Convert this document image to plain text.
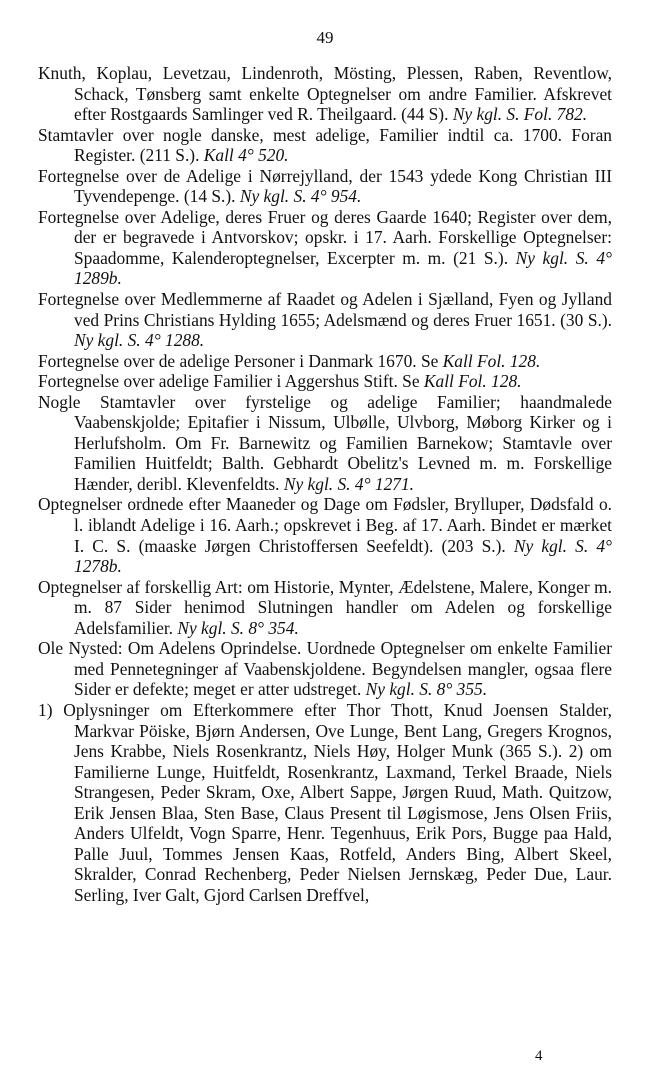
49

Knuth, Koplau, Levetzau, Lindenroth, Mösting, Plessen, Raben, Reventlow, Schack, Tønsberg samt enkelte Optegnelser om andre Familier. Afskrevet efter Rostgaards Samlinger ved R. Theilgaard. (44 S). Ny kgl. S. Fol. 782.

Stamtavler over nogle danske, mest adelige, Familier indtil ca. 1700. Foran Register. (211 S.). Kall 4° 520.

Fortegnelse over de Adelige i Nørrejylland, der 1543 ydede Kong Christian III Tyvendepenge. (14 S.). Ny kgl. S. 4° 954.

Fortegnelse over Adelige, deres Fruer og deres Gaarde 1640; Register over dem, der er begravede i Antvorskov; opskr. i 17. Aarh. Forskellige Optegnelser: Spaadomme, Kalenderoptegnelser, Excerpter m. m. (21 S.). Ny kgl. S. 4° 1289b.

Fortegnelse over Medlemmerne af Raadet og Adelen i Sjælland, Fyen og Jylland ved Prins Christians Hylding 1655; Adelsmænd og deres Fruer 1651. (30 S.). Ny kgl. S. 4° 1288.

Fortegnelse over de adelige Personer i Danmark 1670. Se Kall Fol. 128.

Fortegnelse over adelige Familier i Aggershus Stift. Se Kall Fol. 128.

Nogle Stamtavler over fyrstelige og adelige Familier; haandmalede Vaabenskjolde; Epitafier i Nissum, Ulbølle, Ulvborg, Møborg Kirker og i Herlufsholm. Om Fr. Barnewitz og Familien Barnekow; Stamtavle over Familien Huitfeldt; Balth. Gebhardt Obelitz's Levned m. m. Forskellige Hænder, deribl. Klevenfeldts. Ny kgl. S. 4° 1271.

Optegnelser ordnede efter Maaneder og Dage om Fødsler, Brylluper, Dødsfald o. l. iblandt Adelige i 16. Aarh.; opskrevet i Beg. af 17. Aarh. Bindet er mærket I. C. S. (maaske Jørgen Christoffersen Seefeldt). (203 S.). Ny kgl. S. 4° 1278b.

Optegnelser af forskellig Art: om Historie, Mynter, Ædelstene, Malere, Konger m. m. 87 Sider henimod Slutningen handler om Adelen og forskellige Adelsfamilier. Ny kgl. S. 8° 354.

Ole Nysted: Om Adelens Oprindelse. Uordnede Optegnelser om enkelte Familier med Pennetegninger af Vaabenskjoldene. Begyndelsen mangler, ogsaa flere Sider er defekte; meget er atter udstreget. Ny kgl. S. 8° 355.

1) Oplysninger om Efterkommere efter Thor Thott, Knud Joensen Stalder, Markvar Pöiske, Bjørn Andersen, Ove Lunge, Bent Lang, Gregers Krognos, Jens Krabbe, Niels Rosenkrantz, Niels Høy, Holger Munk (365 S.). 2) om Familierne Lunge, Huitfeldt, Rosenkrantz, Laxmand, Terkel Braade, Niels Strangesen, Peder Skram, Oxe, Albert Sappe, Jørgen Ruud, Math. Quitzow, Erik Jensen Blaa, Sten Base, Claus Present til Løgismose, Jens Olsen Friis, Anders Ulfeldt, Vogn Sparre, Henr. Tegenhuus, Erik Pors, Bugge paa Hald, Palle Juul, Tommes Jensen Kaas, Rotfeld, Anders Bing, Albert Skeel, Skralder, Conrad Rechenberg, Peder Nielsen Jernskæg, Peder Due, Laur. Serling, Iver Galt, Gjord Carlsen Dreffvel,

4
